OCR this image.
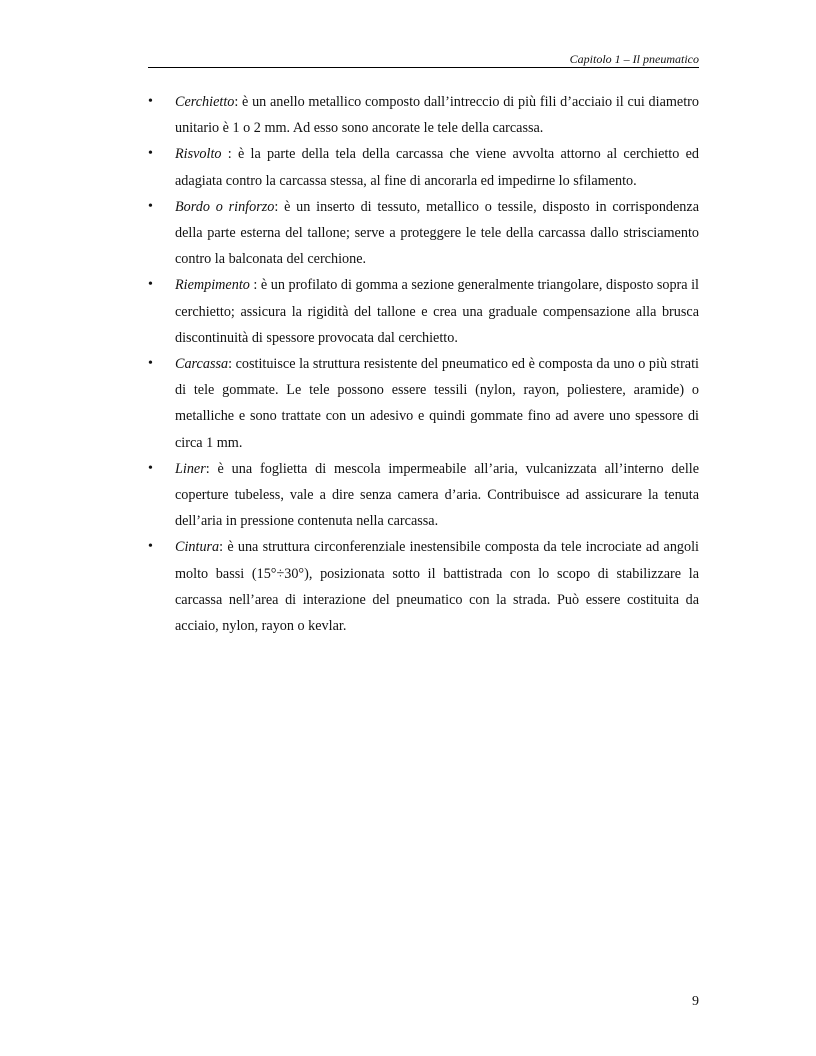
Capitolo 1 – Il pneumatico
• Cerchietto: è un anello metallico composto dall’intreccio di più fili d’acciaio il cui diametro unitario è 1 o 2 mm. Ad esso sono ancorate le tele della carcassa.
• Risvolto : è la parte della tela della carcassa che viene avvolta attorno al cerchietto ed adagiata contro la carcassa stessa, al fine di ancorarla ed impedirne lo sfilamento.
• Bordo o rinforzo: è un inserto di tessuto, metallico o tessile, disposto in corrispondenza della parte esterna del tallone; serve a proteggere le tele della carcassa dallo strisciamento contro la balconata del cerchione.
• Riempimento : è un profilato di gomma a sezione generalmente triangolare, disposto sopra il cerchietto; assicura la rigidità del tallone e crea una graduale compensazione alla brusca discontinuità di spessore provocata dal cerchietto.
• Carcassa: costituisce la struttura resistente del pneumatico ed è composta da uno o più strati di tele gommate. Le tele possono essere tessili (nylon, rayon, poliestere, aramide) o metalliche e sono trattate con un adesivo e quindi gommate fino ad avere uno spessore di circa 1 mm.
• Liner: è una foglietta di mescola impermeabile all’aria, vulcanizzata all’interno delle coperture tubeless, vale a dire senza camera d’aria. Contribuisce ad assicurare la tenuta dell’aria in pressione contenuta nella carcassa.
• Cintura: è una struttura circonferenziale inestensibile composta da tele incrociate ad angoli molto bassi (15°÷30°), posizionata sotto il battistrada con lo scopo di stabilizzare la carcassa nell’area di interazione del pneumatico con la strada. Può essere costituita da acciaio, nylon, rayon o kevlar.
9
